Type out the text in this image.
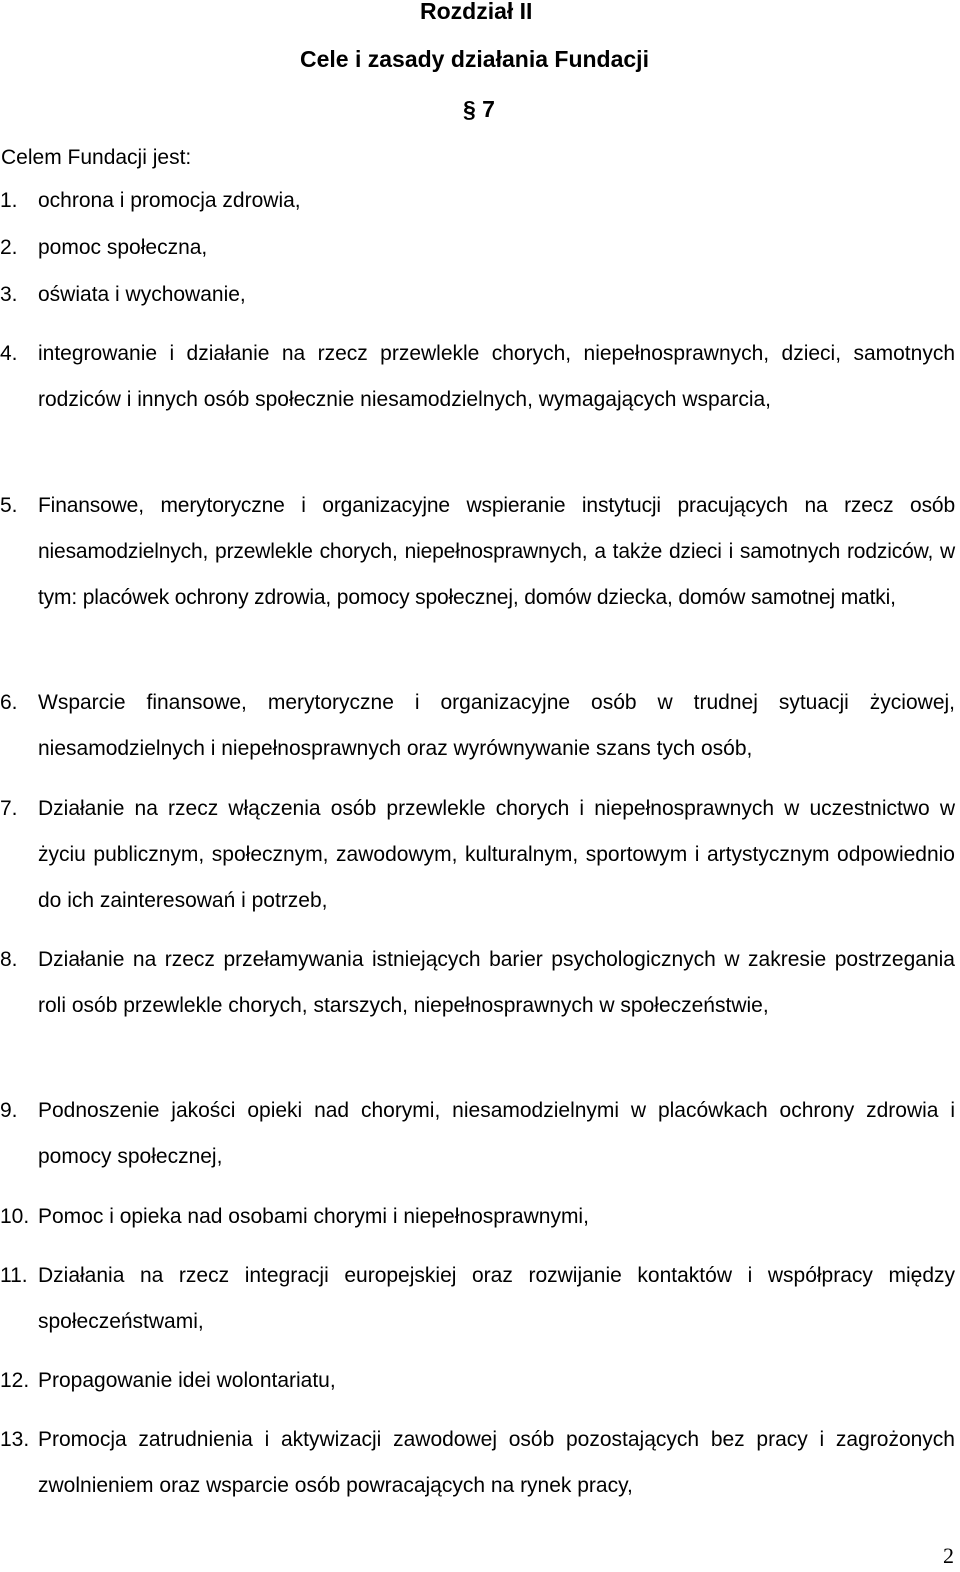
Rozdział II
Cele i zasady działania Fundacji
§ 7
Celem Fundacji jest:
1. ochrona i promocja zdrowia,
2. pomoc społeczna,
3. oświata i wychowanie,
4. integrowanie i działanie na rzecz przewlekle chorych, niepełnosprawnych, dzieci, samotnych rodziców i innych osób społecznie niesamodzielnych, wymagających wsparcia,
5. Finansowe, merytoryczne i organizacyjne wspieranie instytucji pracujących na rzecz osób niesamodzielnych, przewlekle chorych, niepełnosprawnych, a także dzieci i samotnych rodziców, w tym: placówek ochrony zdrowia, pomocy społecznej, domów dziecka, domów samotnej matki,
6. Wsparcie finansowe, merytoryczne i organizacyjne osób w trudnej sytuacji życiowej, niesamodzielnych i niepełnosprawnych oraz wyrównywanie szans tych osób,
7. Działanie na rzecz włączenia osób przewlekle chorych i niepełnosprawnych w uczestnictwo w życiu publicznym, społecznym, zawodowym, kulturalnym, sportowym i artystycznym odpowiednio do ich zainteresowań i potrzeb,
8. Działanie na rzecz przełamywania istniejących barier psychologicznych w zakresie postrzegania roli osób przewlekle chorych, starszych, niepełnosprawnych w społeczeństwie,
9. Podnoszenie jakości opieki nad chorymi, niesamodzielnymi w placówkach ochrony zdrowia i pomocy społecznej,
10. Pomoc i opieka nad osobami chorymi i niepełnosprawnymi,
11. Działania na rzecz integracji europejskiej oraz rozwijanie kontaktów i współpracy między społeczeństwami,
12. Propagowanie idei wolontariatu,
13. Promocja zatrudnienia i aktywizacji zawodowej osób pozostających bez pracy i zagrożonych zwolnieniem oraz wsparcie osób powracających na rynek pracy,
2
